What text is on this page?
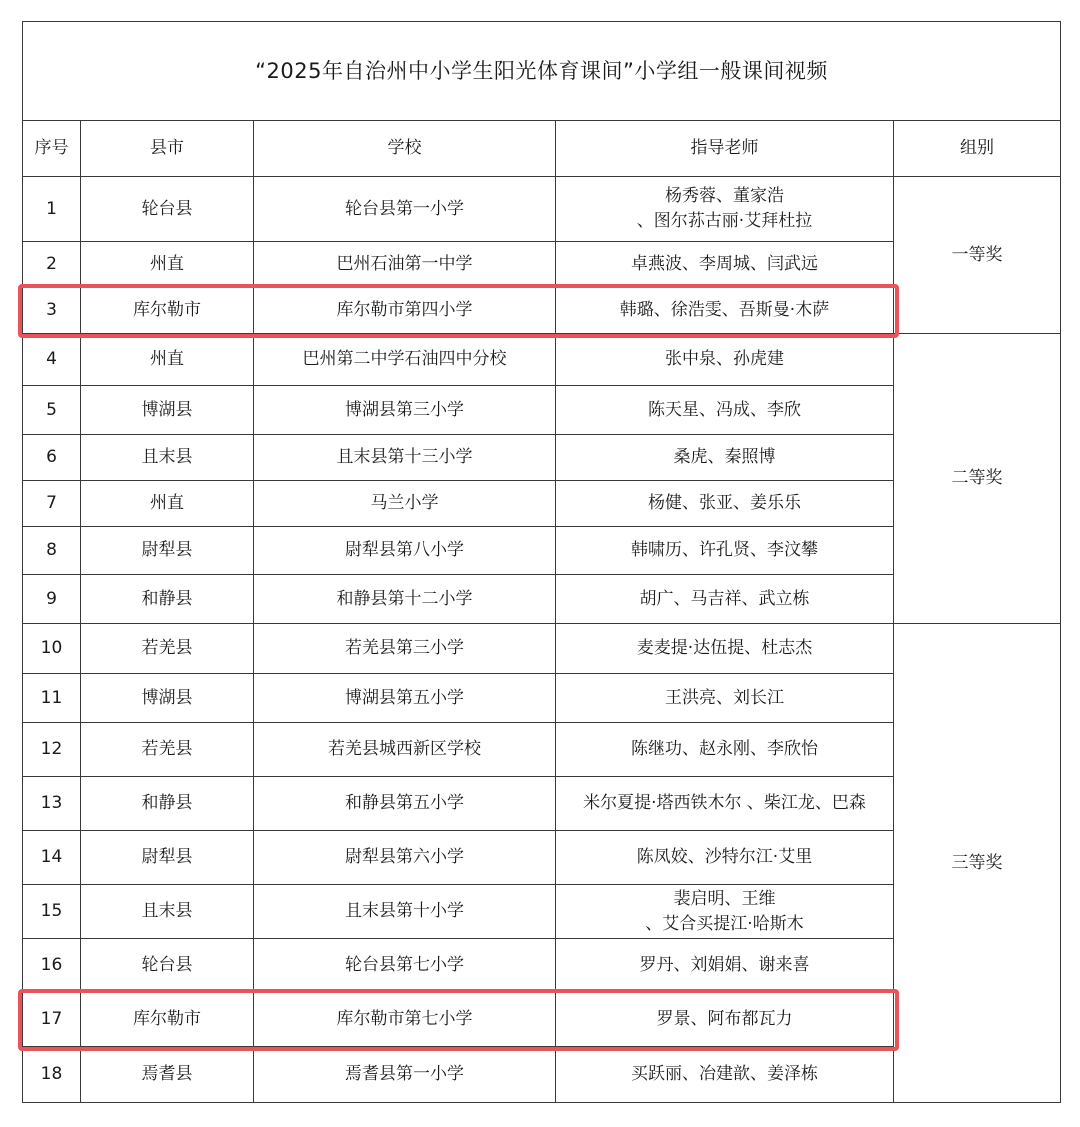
“2025年自治州中小学生阳光体育课间”小学组一般课间视频				
序号	县市	学校	指导老师	组别
1	轮台县	轮台县第一小学	杨秀蓉、董家浩
、图尔荪古丽·艾拜杜拉	一等奖
2	州直	巴州石油第一中学	卓燕波、李周城、闫武远	

3	库尔勒市	库尔勒市第四小学	韩璐、徐浩雯、吾斯曼·木萨	

4	州直	巴州第二中学石油四中分校	张中泉、孙虎建	二等奖
5	博湖县	博湖县第三小学	陈天星、冯成、李欣	

6	且末县	且末县第十三小学	桑虎、秦照博	

7	州直	马兰小学	杨健、张亚、姜乐乐	

8	尉犁县	尉犁县第八小学	韩啸历、许孔贤、李汶攀	

9	和静县	和静县第十二小学	胡广、马吉祥、武立栋	

10	若羌县	若羌县第三小学	麦麦提·达伍提、杜志杰	三等奖
11	博湖县	博湖县第五小学	王洪亮、刘长江	

12	若羌县	若羌县城西新区学校	陈继功、赵永刚、李欣怡	

13	和静县	和静县第五小学	米尔夏提·塔西铁木尔 、柴江龙、巴森	

14	尉犁县	尉犁县第六小学	陈凤姣、沙特尔江·艾里	

15	且末县	且末县第十小学	裴启明、王维
、艾合买提江·哈斯木	

16	轮台县	轮台县第七小学	罗丹、刘娟娟、谢来喜	

17	库尔勒市	库尔勒市第七小学	罗景、阿布都瓦力	

18	焉耆县	焉耆县第一小学	买跃丽、冶建歆、姜泽栋	
